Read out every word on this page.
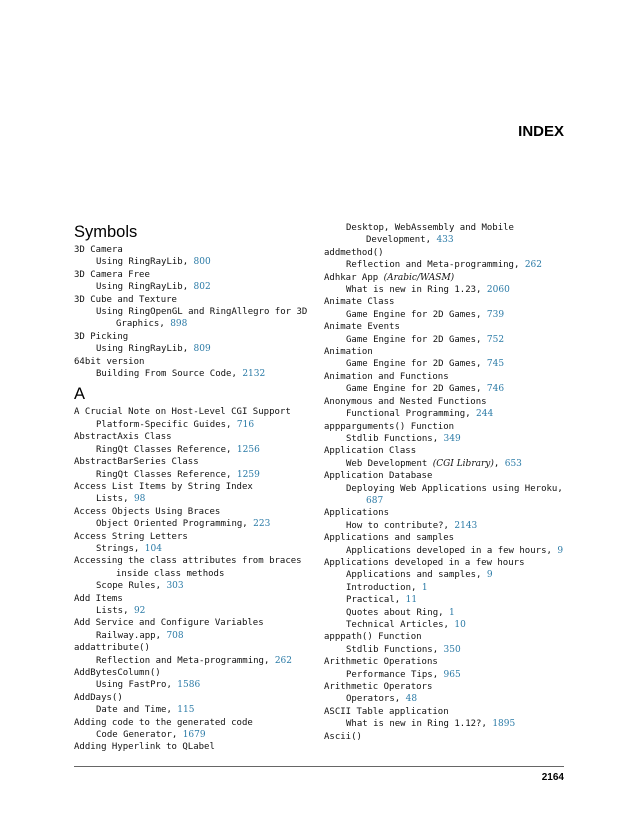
INDEX
Symbols
3D Camera
Using RingRayLib, 800
3D Camera Free
Using RingRayLib, 802
3D Cube and Texture
Using RingOpenGL and RingAllegro for 3D Graphics, 898
3D Picking
Using RingRayLib, 809
64bit version
Building From Source Code, 2132
A
A Crucial Note on Host-Level CGI Support
Platform-Specific Guides, 716
AbstractAxis Class
RingQt Classes Reference, 1256
AbstractBarSeries Class
RingQt Classes Reference, 1259
Access List Items by String Index
Lists, 98
Access Objects Using Braces
Object Oriented Programming, 223
Access String Letters
Strings, 104
Accessing the class attributes from braces
inside class methods
Scope Rules, 303
Add Items
Lists, 92
Add Service and Configure Variables
Railway.app, 708
addattribute()
Reflection and Meta-programming, 262
AddBytesColumn()
Using FastPro, 1586
AddDays()
Date and Time, 115
Adding code to the generated code
Code Generator, 1679
Adding Hyperlink to QLabel
Desktop, WebAssembly and Mobile Development, 433
addmethod()
Reflection and Meta-programming, 262
Adhkar App (Arabic/WASM)
What is new in Ring 1.23, 2060
Animate Class
Game Engine for 2D Games, 739
Animate Events
Game Engine for 2D Games, 752
Animation
Game Engine for 2D Games, 745
Animation and Functions
Game Engine for 2D Games, 746
Anonymous and Nested Functions
Functional Programming, 244
appparguments() Function
Stdlib Functions, 349
Application Class
Web Development (CGI Library), 653
Application Database
Deploying Web Applications using Heroku, 687
Applications
How to contribute?, 2143
Applications and samples
Applications developed in a few hours, 9
Applications developed in a few hours
Applications and samples, 9
Introduction, 1
Practical, 11
Quotes about Ring, 1
Technical Articles, 10
apppath() Function
Stdlib Functions, 350
Arithmetic Operations
Performance Tips, 965
Arithmetic Operators
Operators, 48
ASCII Table application
What is new in Ring 1.12?, 1895
Ascii()
2164
